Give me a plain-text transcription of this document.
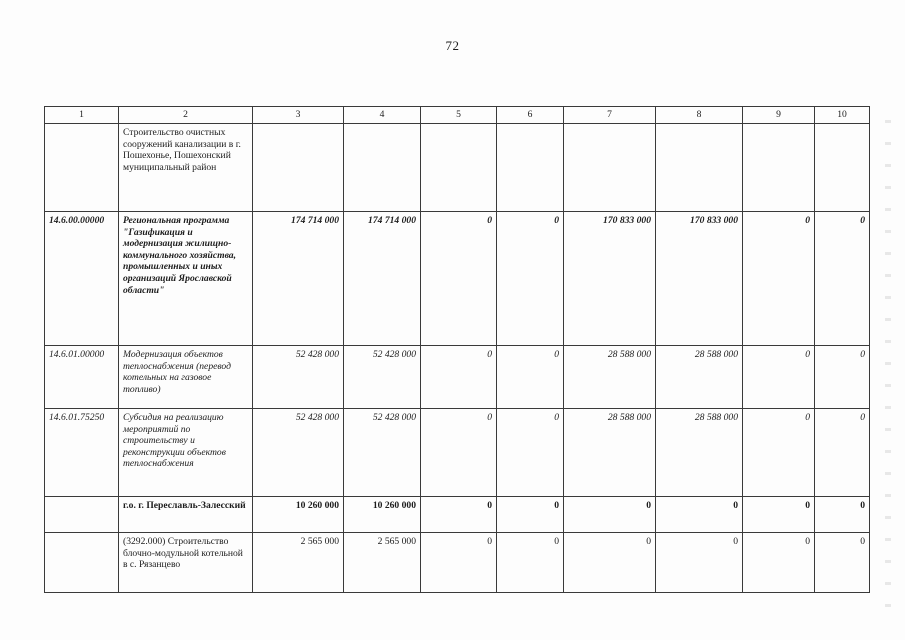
72
1	2	3	4	5	6	7	8	9	10
	Строительство очистных сооружений канализации в г. Пошехонье, Пошехонский муниципальный район								
14.6.00.00000	Региональная программа "Газификация и модернизация жилищно-коммунального хозяйства, промышленных и иных организаций Ярославской области"	174 714 000	174 714 000	0	0	170 833 000	170 833 000	0	0
14.6.01.00000	Модернизация объектов теплоснабжения (перевод котельных на газовое топливо)	52 428 000	52 428 000	0	0	28 588 000	28 588 000	0	0
14.6.01.75250	Субсидия на реализацию мероприятий по строительству и реконструкции объектов теплоснабжения	52 428 000	52 428 000	0	0	28 588 000	28 588 000	0	0
	г.о. г. Переславль-Залесский	10 260 000	10 260 000	0	0	0	0	0	0
	(3292.000) Строительство блочно-модульной котельной в с. Рязанцево	2 565 000	2 565 000	0	0	0	0	0	0
